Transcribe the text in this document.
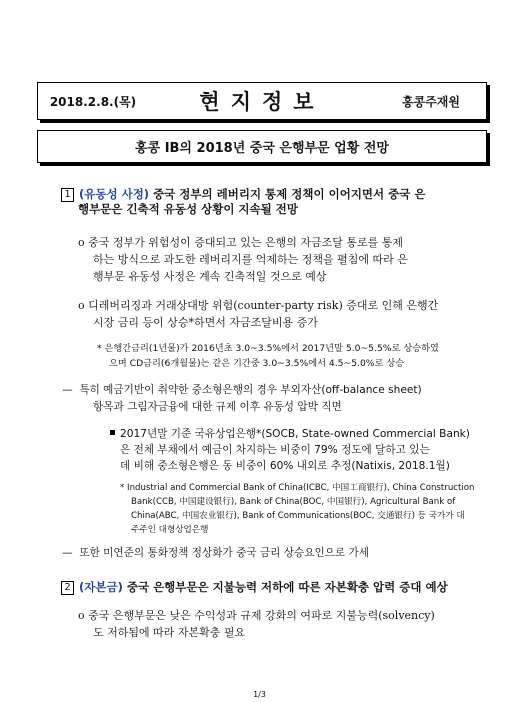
2018.2.8.(목)	현지정보	홍콩주재원
홍콩 IB의 2018년 중국 은행부문 업황 전망
1 (유동성 사정) 중국 정부의 레버리지 통제 정책이 이어지면서 중국 은
행부문은 긴축적 유동성 상황이 지속될 전망
o 중국 정부가 위험성이 증대되고 있는 은행의 자금조달 통로를 통제
하는 방식으로 과도한 레버리지를 억제하는 정책을 펼침에 따라 은
행부문 유동성 사정은 계속 긴축적일 것으로 예상
o 디레버리징과 거래상대방 위험(counter-party risk) 증대로 인해 은행간
시장 금리 등이 상승*하면서 자금조달비용 증가
* 은행간금리(1년물)가 2016년초 3.0~3.5%에서 2017년말 5.0~5.5%로 상승하였
으며 CD금리(6개월물)는 같은 기간중 3.0~3.5%에서 4.5~5.0%로 상승
— 특히 예금기반이 취약한 중소형은행의 경우 부외자산(off-balance sheet)
항목과 그림자금융에 대한 규제 이후 유동성 압박 직면
2017년말 기준 국유상업은행*(SOCB, State-owned Commercial Bank)
은 전체 부채에서 예금이 차지하는 비중이 79% 정도에 달하고 있는
데 비해 중소형은행은 동 비중이 60% 내외로 추정(Natixis, 2018.1월)
* Industrial and Commercial Bank of China(ICBC, 中国工商银行), China Construction
Bank(CCB, 中国建设银行), Bank of China(BOC, 中国银行), Agricultural Bank of
China(ABC, 中国农业银行), Bank of Communications(BOC, 交通银行) 등 국가가 대
주주인 대형상업은행
— 또한 미연준의 통화정책 정상화가 중국 금리 상승요인으로 가세
2 (자본금) 중국 은행부문은 지불능력 저하에 따른 자본확충 압력 증대 예상
o 중국 은행부문은 낮은 수익성과 규제 강화의 여파로 지불능력(solvency)
도 저하됨에 따라 자본확충 필요
1/3
